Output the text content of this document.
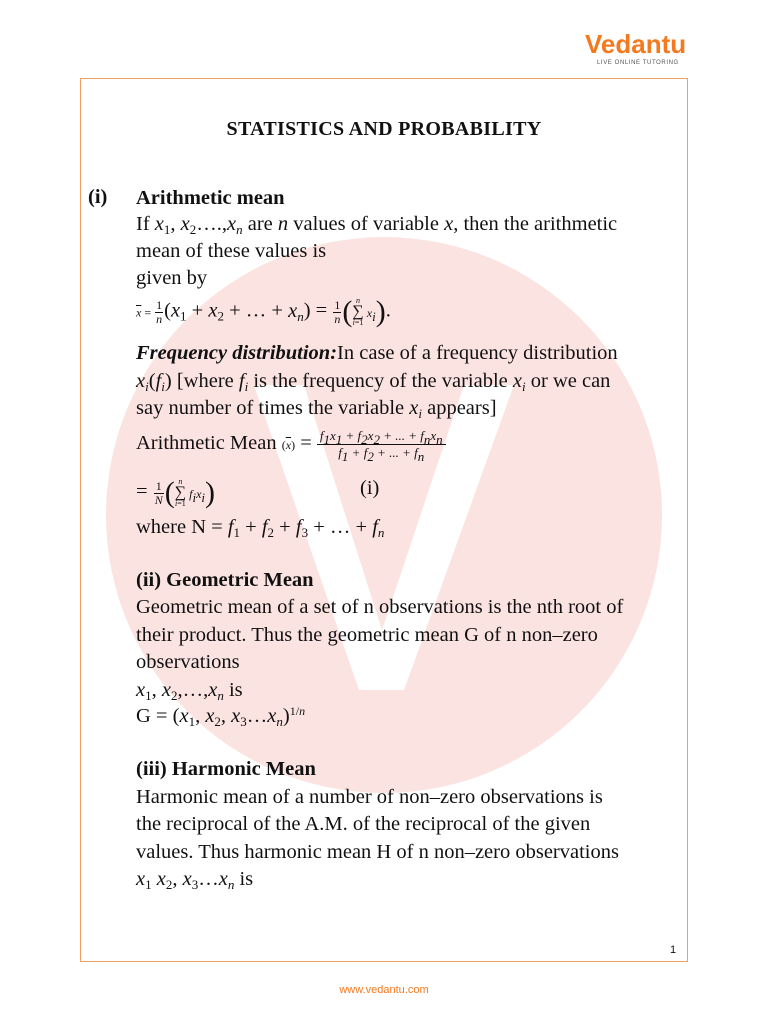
Vedantu
LIVE ONLINE TUTORING
STATISTICS AND PROBABILITY
(i) Arithmetic mean
If $x_1$, $x_2\dots.,x_n$ are n values of variable x, then the arithmetic
mean of these values is
given by
$\overline{x} = \frac{1}{n} (x_1 + x_2$ + … + $x_n) = \frac{1}{n}$ ( n
∑
i=1 $x_i$).
Frequency distribution:In case of a frequency distribution
$x_i(f_i)$ [where $f_i$ is the frequency of the variable $x_i$ or we can
say number of times the variable $x_i$ appears]
Arithmetic Mean $(\overline{x}) = f_1x_1 + f_2x_2$ + ... + $f_nx_n$
$f_1 + f_2$ + ... + $f_n$
= $\frac{1}{N}$ ( n
∑
i=1 $f_ix_i$)	(i)
where $N = f_1 + f_2 + f_3$ + … + $f_n$
(ii) Geometric Mean
Geometric mean of a set of n observations is the nth root of
their product. Thus the geometric mean G of n non–zero
observations
$x_1$, $x_2,\dots,x_n$ is
$G = (x_1$, $x_2$, $x_3\dots x_n)^{1/n}$
(iii) Harmonic Mean
Harmonic mean of a number of non–zero observations is
the reciprocal of the A.M. of the reciprocal of the given
values. Thus harmonic mean H of n non–zero observations
$x_1$ $x_2$, $x_3\dots x_n$ is
1
www.vedantu.com
